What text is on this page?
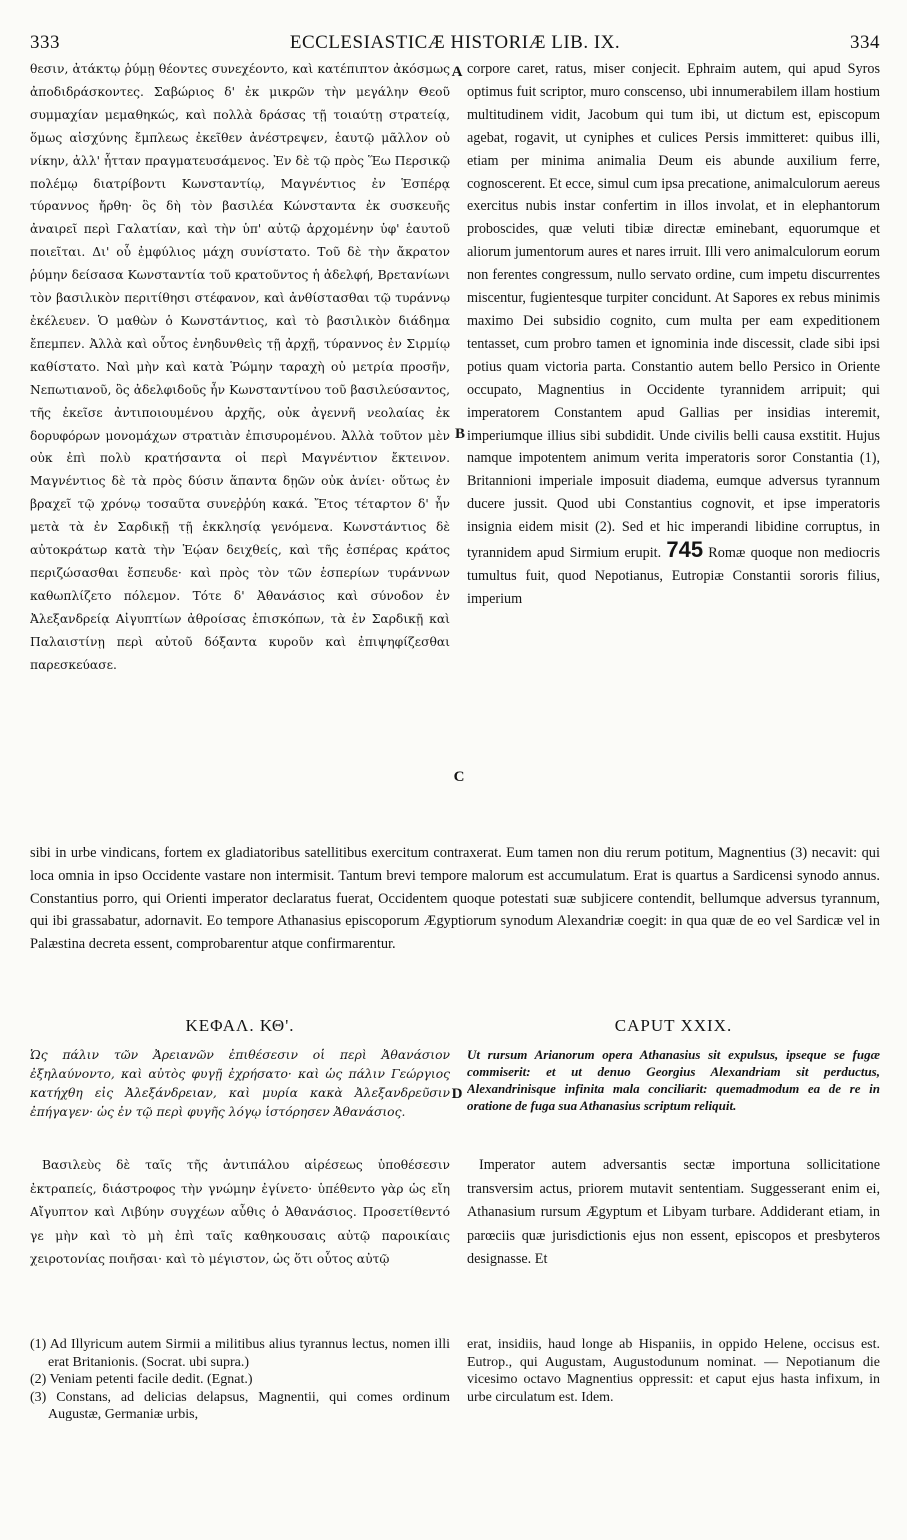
333	ECCLESIASTICÆ HISTORIÆ LIB. IX.	334
θεσιν, ἀτάκτῳ ῥύμῃ θέοντες συνεχέοντο, καὶ κατέπιπτον ἀκόσμως ἀποδιδράσκοντες. Σαβώριος δ' ἐκ μικρῶν τὴν μεγάλην Θεοῦ συμμαχίαν μεμαθηκώς, καὶ πολλὰ δράσας τῇ τοιαύτῃ στρατείᾳ, ὅμως αἰσχύνης ἔμπλεως ἐκεῖθεν ἀνέστρεψεν, ἑαυτῷ μᾶλλον οὐ νίκην, ἀλλ' ἧτταν πραγματευσάμενος. Ἐν δὲ τῷ πρὸς Ἕω Περσικῷ πολέμῳ διατρίβοντι Κωνσταντίῳ, Μαγνέντιος ἐν Ἑσπέρᾳ τύραννος ἤρθη· ὃς δὴ τὸν βασιλέα Κώνσταντα ἐκ συσκευῆς ἀναιρεῖ περὶ Γαλατίαν, καὶ τὴν ὑπ' αὐτῷ ἀρχομένην ὑφ' ἑαυτοῦ ποιεῖται. Δι' οὗ ἐμφύλιος μάχη συνίστατο. Τοῦ δὲ τὴν ἄκρατον ῥύμην δείσασα Κωνσταντία τοῦ κρατοῦντος ἡ ἀδελφή, Βρετανίωνι τὸν βασιλικὸν περιτίθησι στέφανον, καὶ ἀνθίστασθαι τῷ τυράννῳ ἐκέλευεν. Ὁ μαθὼν ὁ Κωνστάντιος, καὶ τὸ βασιλικὸν διάδημα ἔπεμπεν. Ἀλλὰ καὶ οὗτος ἐνηδυνθεὶς τῇ ἀρχῇ, τύραννος ἐν Σιρμίῳ καθίστατο. Ναὶ μὴν καὶ κατὰ Ῥώμην ταραχὴ οὐ μετρία προσῆν, Νεπωτιανοῦ, ὃς ἀδελφιδοῦς ἦν Κωνσταντίνου τοῦ βασιλεύσαντος, τῆς ἐκεῖσε ἀντιποιουμένου ἀρχῆς, οὐκ ἀγεννῆ νεολαίας ἐκ δορυφόρων μονομάχων στρατιὰν ἐπισυρομένου. Ἀλλὰ τοῦτον μὲν οὐκ ἐπὶ πολὺ κρατήσαντα οἱ περὶ Μαγνέντιον ἔκτεινον. Μαγνέντιος δὲ τὰ πρὸς δύσιν ἅπαντα δῃῶν οὐκ ἀνίει· οὕτως ἐν βραχεῖ τῷ χρόνῳ τοσαῦτα συνεῤῥύη κακά. Ἔτος τέταρτον δ' ἦν μετὰ τὰ ἐν Σαρδικῇ τῇ ἐκκλησίᾳ γενόμενα. Κωνστάντιος δὲ αὐτοκράτωρ κατὰ τὴν Ἑῴαν δειχθείς, καὶ τῆς ἑσπέρας κράτος περιζώσασθαι ἔσπευδε· καὶ πρὸς τὸν τῶν ἑσπερίων τυράννων καθωπλίζετο πόλεμον. Τότε δ' Ἀθανάσιος καὶ σύνοδον ἐν Ἀλεξανδρείᾳ Αἰγυπτίων ἀθροίσας ἐπισκόπων, τὰ ἐν Σαρδικῇ καὶ Παλαιστίνῃ περὶ αὐτοῦ δόξαντα κυροῦν καὶ ἐπιψηφίζεσθαι παρεσκεύασε.
A
B
C
corpore caret, ratus, miser conjecit. Ephraim autem, qui apud Syros optimus fuit scriptor, muro conscenso, ubi innumerabilem illam hostium multitudinem vidit, Jacobum qui tum ibi, ut dictum est, episcopum agebat, rogavit, ut cyniphes et culices Persis immitteret: quibus illi, etiam per minima animalia Deum eis abunde auxilium ferre, cognoscerent. Et ecce, simul cum ipsa precatione, animalculorum aereus exercitus nubis instar confertim in illos involat, et in elephantorum proboscides, quæ veluti tibiæ directæ eminebant, equorumque et aliorum jumentorum aures et nares irruit. Illi vero animalculorum eorum non ferentes congressum, nullo servato ordine, cum impetu discurrentes miscentur, fugientesque turpiter concidunt. At Sapores ex rebus minimis maximo Dei subsidio cognito, cum multa per eam expeditionem tentasset, cum probro tamen et ignominia inde discessit, clade sibi ipsi potius quam victoria parta. Constantio autem bello Persico in Oriente occupato, Magnentius in Occidente tyrannidem arripuit; qui imperatorem Constantem apud Gallias per insidias interemit, imperiumque illius sibi subdidit. Unde civilis belli causa exstitit. Hujus namque impotentem animum verita imperatoris soror Constantia (1), Britannioni imperiale imposuit diadema, eumque adversus tyrannum ducere jussit. Quod ubi Constantius cognovit, et ipse imperatoris insignia eidem misit (2). Sed et hic imperandi libidine corruptus, in tyrannidem apud Sirmium erupit. 745 Romæ quoque non mediocris tumultus fuit, quod Nepotianus, Eutropiæ Constantii sororis filius, imperium
sibi in urbe vindicans, fortem ex gladiatoribus satellitibus exercitum contraxerat. Eum tamen non diu rerum potitum, Magnentius (3) necavit: qui loca omnia in ipso Occidente vastare non intermisit. Tantum brevi tempore malorum est accumulatum. Erat is quartus a Sardicensi synodo annus. Constantius porro, qui Orienti imperator declaratus fuerat, Occidentem quoque potestati suæ subjicere contendit, bellumque adversus tyrannum, qui ibi grassabatur, adornavit. Eo tempore Athanasius episcoporum Ægyptiorum synodum Alexandriæ coegit: in qua quæ de eo vel Sardicæ vel in Palæstina decreta essent, comprobarentur atque confirmarentur.
ΚΕΦΑΛ. ΚΘ'.	CAPUT XXIX.
Ὡς πάλιν τῶν Ἀρειανῶν ἐπιθέσεσιν οἱ περὶ Ἀθανάσιον ἐξηλαύνοντο, καὶ αὐτὸς φυγῇ ἐχρήσατο· καὶ ὡς πάλιν Γεώργιος κατήχθη εἰς Ἀλεξάνδρειαν, καὶ μυρία κακὰ Ἀλεξανδρεῦσιν ἐπήγαγεν· ὡς ἐν τῷ περὶ φυγῆς λόγῳ ἱστόρησεν Ἀθανάσιος.
D
Ut rursum Arianorum opera Athanasius sit expulsus, ipseque se fugæ commiserit: et ut denuo Georgius Alexandriam sit perductus, Alexandrinisque infinita mala conciliarit: quemadmodum ea de re in oratione de fuga sua Athanasius scriptum reliquit.
Βασιλεὺς δὲ ταῖς τῆς ἀντιπάλου αἱρέσεως ὑποθέσεσιν ἐκτραπείς, διάστροφος τὴν γνώμην ἐγίνετο· ὑπέθεντο γὰρ ὡς εἴη Αἴγυπτον καὶ Λιβύην συγχέων αὖθις ὁ Ἀθανάσιος. Προσετίθεντό γε μὴν καὶ τὸ μὴ ἐπὶ ταῖς καθηκουσαις αὐτῷ παροικίαις χειροτονίας ποιῆσαι· καὶ τὸ μέγιστον, ὡς ὅτι οὗτος αὐτῷ
Imperator autem adversantis sectæ importuna sollicitatione transversim actus, priorem mutavit sententiam. Suggesserant enim ei, Athanasium rursum Ægyptum et Libyam turbare. Addiderant etiam, in parœciis quæ jurisdictionis ejus non essent, episcopos et presbyteros designasse. Et

(1) Ad Illyricum autem Sirmii a militibus alius tyrannus lectus, nomen illi erat Britanionis. (Socrat. ubi supra.)

(2) Veniam petenti facile dedit. (Egnat.)

(3) Constans, ad delicias delapsus, Magnentii, qui comes ordinum Augustæ, Germaniæ urbis,

erat, insidiis, haud longe ab Hispaniis, in oppido Helene, occisus est. Eutrop., qui Augustam, Augustodunum nominat. — Nepotianum die vicesimo octavo Magnentius oppressit: et caput ejus hasta infixum, in urbe circulatum est. Idem.
